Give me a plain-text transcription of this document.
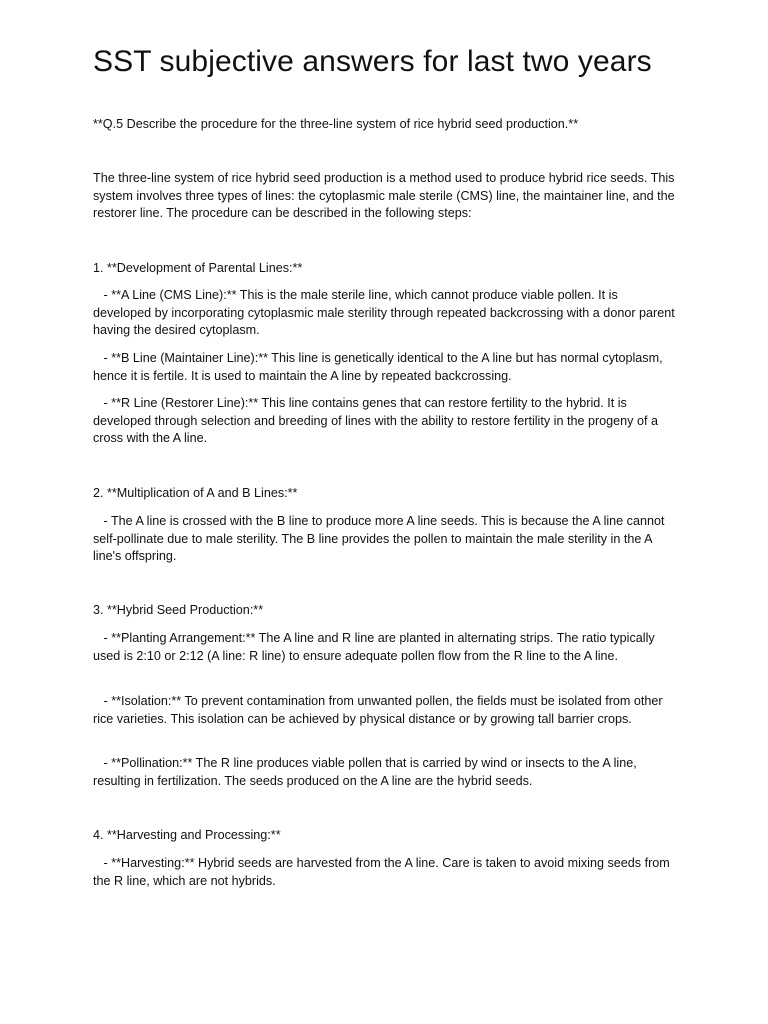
SST subjective answers for last two years

**Q.5 Describe the procedure for the three-line system of rice hybrid seed production.**

The three-line system of rice hybrid seed production is a method used to produce hybrid rice seeds. This system involves three types of lines: the cytoplasmic male sterile (CMS) line, the maintainer line, and the restorer line. The procedure can be described in the following steps:

1. **Development of Parental Lines:**

- **A Line (CMS Line):** This is the male sterile line, which cannot produce viable pollen. It is developed by incorporating cytoplasmic male sterility through repeated backcrossing with a donor parent having the desired cytoplasm.

- **B Line (Maintainer Line):** This line is genetically identical to the A line but has normal cytoplasm, hence it is fertile. It is used to maintain the A line by repeated backcrossing.

- **R Line (Restorer Line):** This line contains genes that can restore fertility to the hybrid. It is developed through selection and breeding of lines with the ability to restore fertility in the progeny of a cross with the A line.

2. **Multiplication of A and B Lines:**

- The A line is crossed with the B line to produce more A line seeds. This is because the A line cannot self-pollinate due to male sterility. The B line provides the pollen to maintain the male sterility in the A line's offspring.

3. **Hybrid Seed Production:**

- **Planting Arrangement:** The A line and R line are planted in alternating strips. The ratio typically used is 2:10 or 2:12 (A line: R line) to ensure adequate pollen flow from the R line to the A line.

- **Isolation:** To prevent contamination from unwanted pollen, the fields must be isolated from other rice varieties. This isolation can be achieved by physical distance or by growing tall barrier crops.

- **Pollination:** The R line produces viable pollen that is carried by wind or insects to the A line, resulting in fertilization. The seeds produced on the A line are the hybrid seeds.

4. **Harvesting and Processing:**

- **Harvesting:** Hybrid seeds are harvested from the A line. Care is taken to avoid mixing seeds from the R line, which are not hybrids.
